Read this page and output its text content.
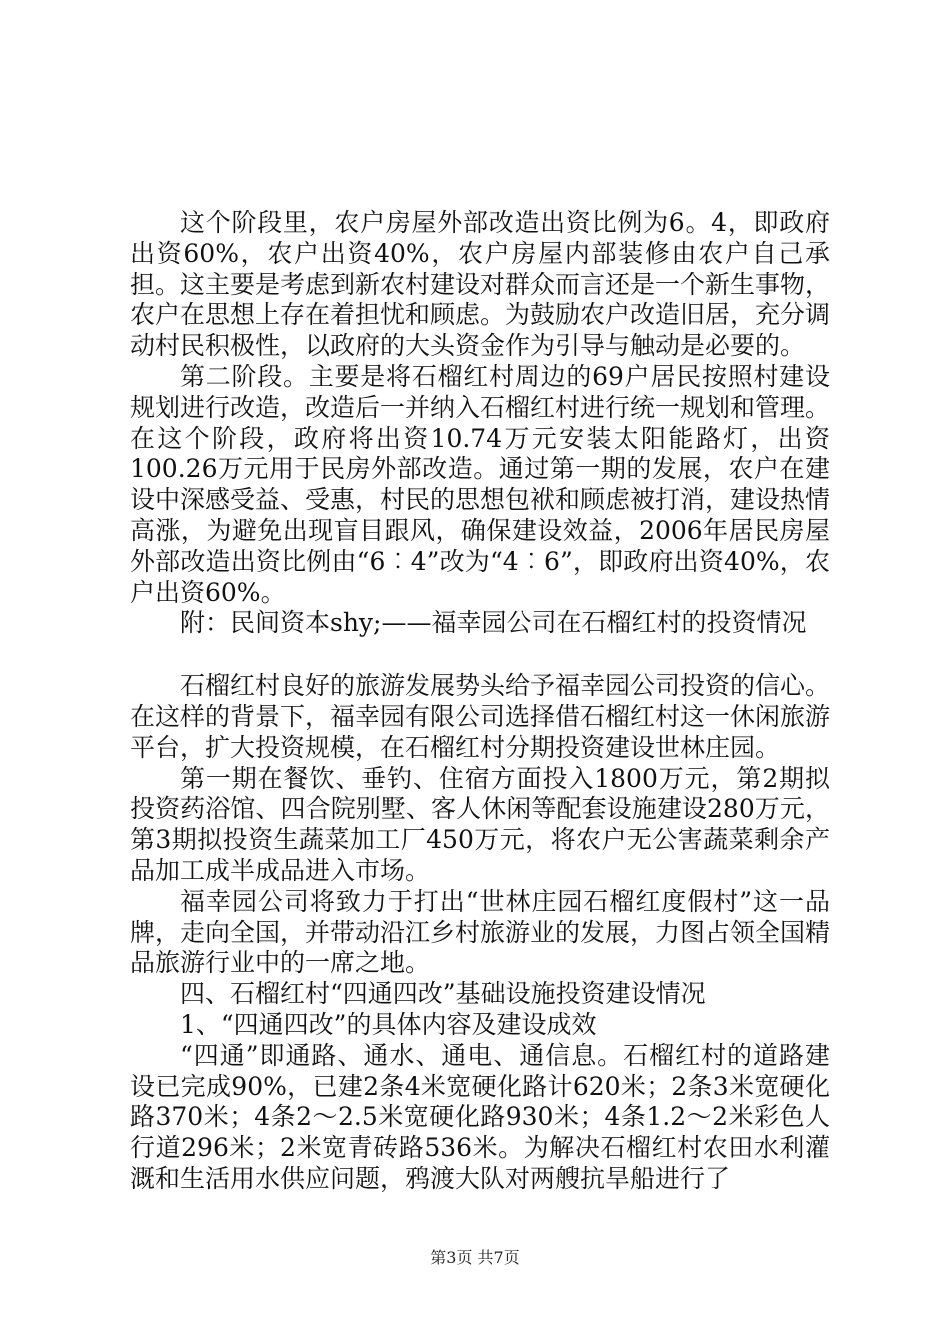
这个阶段里，农户房屋外部改造出资比例为6。4，即政府出资60%，农户出资40%，农户房屋内部装修由农户自己承担。这主要是考虑到新农村建设对群众而言还是一个新生事物，农户在思想上存在着担忧和顾虑。为鼓励农户改造旧居，充分调动村民积极性，以政府的大头资金作为引导与触动是必要的。

第二阶段。主要是将石榴红村周边的69户居民按照村建设规划进行改造，改造后一并纳入石榴红村进行统一规划和管理。在这个阶段，政府将出资10.74万元安装太阳能路灯，出资100.26万元用于民房外部改造。通过第一期的发展，农户在建设中深感受益、受惠，村民的思想包袱和顾虑被打消，建设热情高涨，为避免出现盲目跟风，确保建设效益，2006年居民房屋外部改造出资比例由“6︰4”改为“4︰6”，即政府出资40%，农户出资60%。

附：民间资本shy;——福幸园公司在石榴红村的投资情况

石榴红村良好的旅游发展势头给予福幸园公司投资的信心。在这样的背景下，福幸园有限公司选择借石榴红村这一休闲旅游平台，扩大投资规模，在石榴红村分期投资建设世林庄园。

第一期在餐饮、垂钓、住宿方面投入1800万元，第2期拟投资药浴馆、四合院别墅、客人休闲等配套设施建设280万元，第3期拟投资生蔬菜加工厂450万元，将农户无公害蔬菜剩余产品加工成半成品进入市场。

福幸园公司将致力于打出“世林庄园石榴红度假村”这一品牌，走向全国，并带动沿江乡村旅游业的发展，力图占领全国精品旅游行业中的一席之地。

四、石榴红村“四通四改”基础设施投资建设情况

1、“四通四改”的具体内容及建设成效

“四通”即通路、通水、通电、通信息。石榴红村的道路建设已完成90%，已建2条4米宽硬化路计620米；2条3米宽硬化路370米；4条2～2.5米宽硬化路930米；4条1.2～2米彩色人行道296米；2米宽青砖路536米。为解决石榴红村农田水利灌溉和生活用水供应问题，鸦渡大队对两艘抗旱船进行了

第3页 共7页
